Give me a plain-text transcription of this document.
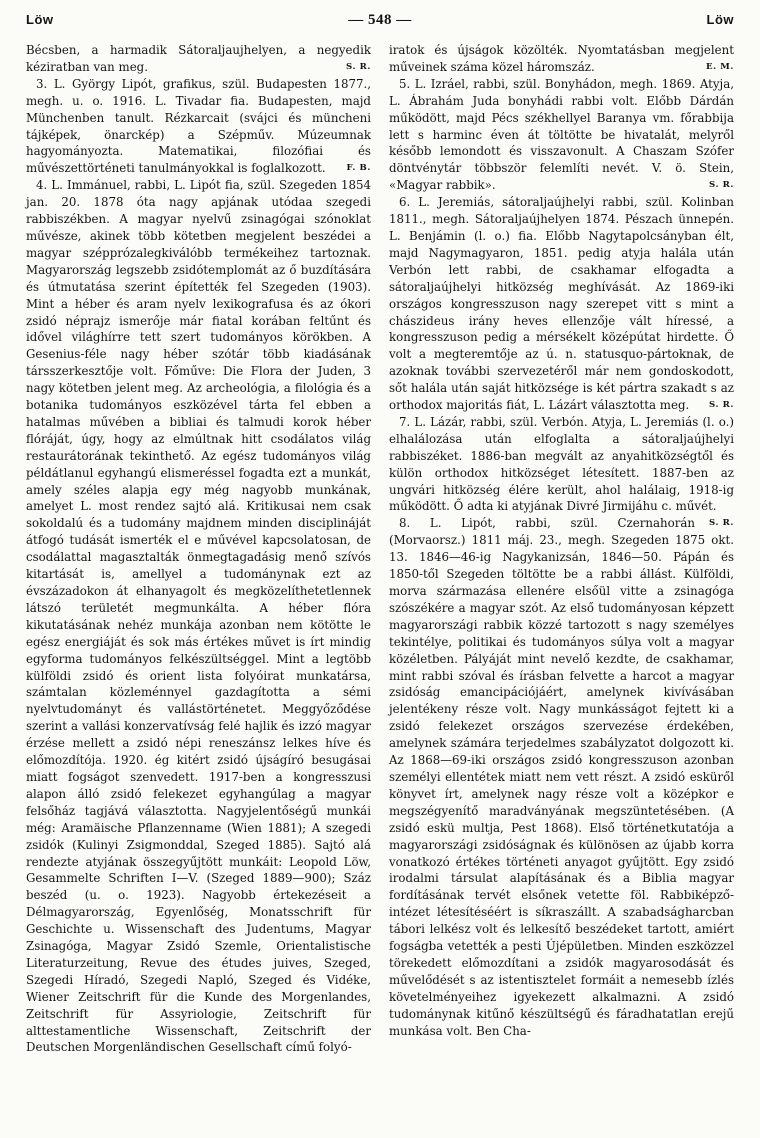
Löw	— 548 —	Löw

Bécsben, a harmadik Sátoraljaujhelyen, a negyedik kéziratban van meg.	S. R.

3. L. György Lipót, grafikus, szül. Budapesten 1877., megh. u. o. 1916. L. Tivadar fia. Budapesten, majd Münchenben tanult. Rézkarcait (svájci és müncheni tájképek, önarckép) a Szépműv. Múzeumnak hagyományozta. Matematikai, filozófiai és művészettörténeti tanulmányokkal is foglalkozott.	F. B.

4. L. Immánuel, rabbi, L. Lipót fia, szül. Szegeden 1854 jan. 20. 1878 óta nagy apjának utódaa szegedi rabbiszékben. A magyar nyelvű zsinagógai szónoklat művésze, akinek több kötetben megjelent beszédei a magyar szépprózalegkiválóbb termékeihez tartoznak. Magyarország legszebb zsidótemplomát az ő buzdítására és útmutatása szerint építették fel Szegeden (1903). Mint a héber és aram nyelv lexikografusa és az ókori zsidó néprajz ismerője már fiatal korában feltűnt és idővel világhírre tett szert tudományos körökben. A Gesenius-féle nagy héber szótár több kiadásának társszerkesztője volt. Főműve: Die Flora der Juden, 3 nagy kötetben jelent meg. Az archeológia, a filológia és a botanika tudományos eszközével tárta fel ebben a hatalmas művében a bibliai és talmudi korok héber flóráját, úgy, hogy az elmúltnak hitt csodálatos világ restaurátorának tekinthető. Az egész tudományos világ példátlanul egyhangú elismeréssel fogadta ezt a munkát, amely széles alapja egy még nagyobb munkának, amelyet L. most rendez sajtó alá. Kritikusai nem csak sokoldalú és a tudomány majdnem minden disciplináját átfogó tudását ismerték el e művével kapcsolatosan, de csodálattal magasztalták önmegtagadásig menő szívós kitartását is, amellyel a tudománynak ezt az évszázadokon át elhanyagolt és megközelíthetetlennek látszó területét megmunkálta. A héber flóra kikutatásának nehéz munkája azonban nem kötötte le egész energiáját és sok más értékes művet is írt mindig egyforma tudományos felkészültséggel. Mint a legtöbb külföldi zsidó és orient lista folyóirat munkatársa, számtalan közleménnyel gazdagította a sémi nyelvtudományt és vallástörténetet. Meggyőződése szerint a vallási konzervatívság felé hajlik és izzó magyar érzése mellett a zsidó népi reneszánsz lelkes híve és előmozdítója. 1920. ​ég kitért zsidó újságíró besugásai miatt fogságot szenvedett. 1917-ben a kongresszusi alapon álló zsidó felekezet egyhangúlag a magyar felsőház tagjává választotta. Nagyjelentőségű munkái még: Aramäische Pflanzenname (Wien 1881); A szegedi zsidók (Kulinyi Zsigmonddal, Szeged 1885). Sajtó alá rendezte atyjának összegyűjtött munkáit: Leopold Löw, Gesammelte Schriften I—V. (Szeged 1889—900); Száz beszéd (u. o. 1923). Nagyobb értekezéseit a Délmagyarország, Egyenlőség, Monatsschrift für Geschichte u. Wissenschaft des Judentums, Magyar Zsinagóga, Magyar Zsidó Szemle, Orientalistische Literaturzeitung, Revue des études juives, Szeged, Szegedi Híradó, Szegedi Napló, Szeged és Vidéke, Wiener Zeitschrift für die Kunde des Morgenlandes, Zeitschrift für Assyriologie, Zeitschrift für alttestamentliche Wissenschaft, Zeitschrift der Deutschen Morgenländischen Gesellschaft című folyó-

iratok és újságok közölték. Nyomtatásban megjelent műveinek száma közel háromszáz.	E. M.

5. L. Izráel, rabbi, szül. Bonyhádon, megh. 1869. Atyja, L. Ábrahám Juda bonyhádi rabbi volt. Előbb Dárdán működött, majd Pécs székhellyel Baranya vm. főrabbija lett s harminc éven át töltötte be hivatalát, melyről később lemondott és visszavonult. A Chaszam Szófer döntvénytár többször felemlíti nevét. V. ö. Stein, «Magyar rabbik».	S. R.

6. L. Jeremiás, sátoraljaújhelyi rabbi, szül. Kolinban 1811., megh. Sátoraljaújhelyen 1874. Pészach ünnepén. L. Benjámin (l. o.) fia. Előbb Nagytapolcsányban élt, majd Nagymagyaron, 1851. pedig atyja halála után Verbón lett rabbi, de csakhamar elfogadta a sátoraljaújhelyi hitközség meghívását. Az 1869-iki országos kongresszuson nagy szerepet vitt s mint a chászideus irány heves ellenzője vált híressé, a kongresszuson pedig a mérsékelt középútat hirdette. Ő volt a megteremtője az ú. n. statusquo-pártoknak, de azoknak további szervezetéről már nem gondoskodott, sőt halála után saját hitközsége is két pártra szakadt s az orthodox majoritás fiát, L. Lázárt választotta meg.	S. R.

7. L. Lázár, rabbi, szül. Verbón. Atyja, L. Jeremiás (l. o.) elhalálozása után elfoglalta a sátoraljaújhelyi rabbiszéket. 1886-ban megvált az anyahitközségtől és külön orthodox hitközséget létesített. 1887-ben az ungvári hitközség élére került, ahol halálaig, 1918-ig működött. Ő adta ki atyjának Divré Jirmijáhu c. művét.
S. R.

8. L. Lipót, rabbi, szül. Czernahorán (Morvaorsz.) 1811 máj. 23., megh. Szegeden 1875 okt. 13. 1846—46-ig Nagykanizsán, 1846—50. Pápán és 1850-től Szegeden töltötte be a rabbi állást. Külföldi, morva származása ellenére elsőül vitte a zsinagóga szószékére a magyar szót. Az első tudományosan képzett magyarországi rabbik közzé tartozott s nagy személyes tekintélye, politikai és tudományos súlya volt a magyar közéletben. Pályáját mint nevelő kezdte, de csakhamar, mint rabbi szóval és írásban felvette a harcot a magyar zsidóság emancipációjáért, amelynek kivívásában jelentékeny része volt. Nagy munkásságot fejtett ki a zsidó felekezet országos szervezése érdekében, amelynek számára terjedelmes szabályzatot dolgozott ki. Az 1868—69-iki országos zsidó kongresszuson azonban személyi ellentétek miatt nem vett részt. A zsidó esküről könyvet írt, amelynek nagy része volt a középkor e megszégyenítő maradványának megszüntetésében. (A zsidó eskü multja, Pest 1868). Első történetkutatója a magyarországi zsidóságnak és különösen az újabb korra vonatkozó értékes történeti anyagot gyűjtött. Egy zsidó irodalmi társulat alapításának és a Biblia magyar fordításának tervét elsőnek vetette föl. Rabbiképző-intézet létesítéséért is síkraszállt. A szabadságharcban tábori lelkész volt és lelkesítő beszédeket tartott, amiért fogságba vetették a pesti Újépületben. Minden eszközzel törekedett előmozdítani a zsidók magyarosodását és művelődését s az istentisztelet formáit a nemesebb ízlés követelményeihez igyekezett alkalmazni. A zsidó tudománynak kitűnő készültségű és fáradhatatlan erejű munkása volt. Ben Cha-
